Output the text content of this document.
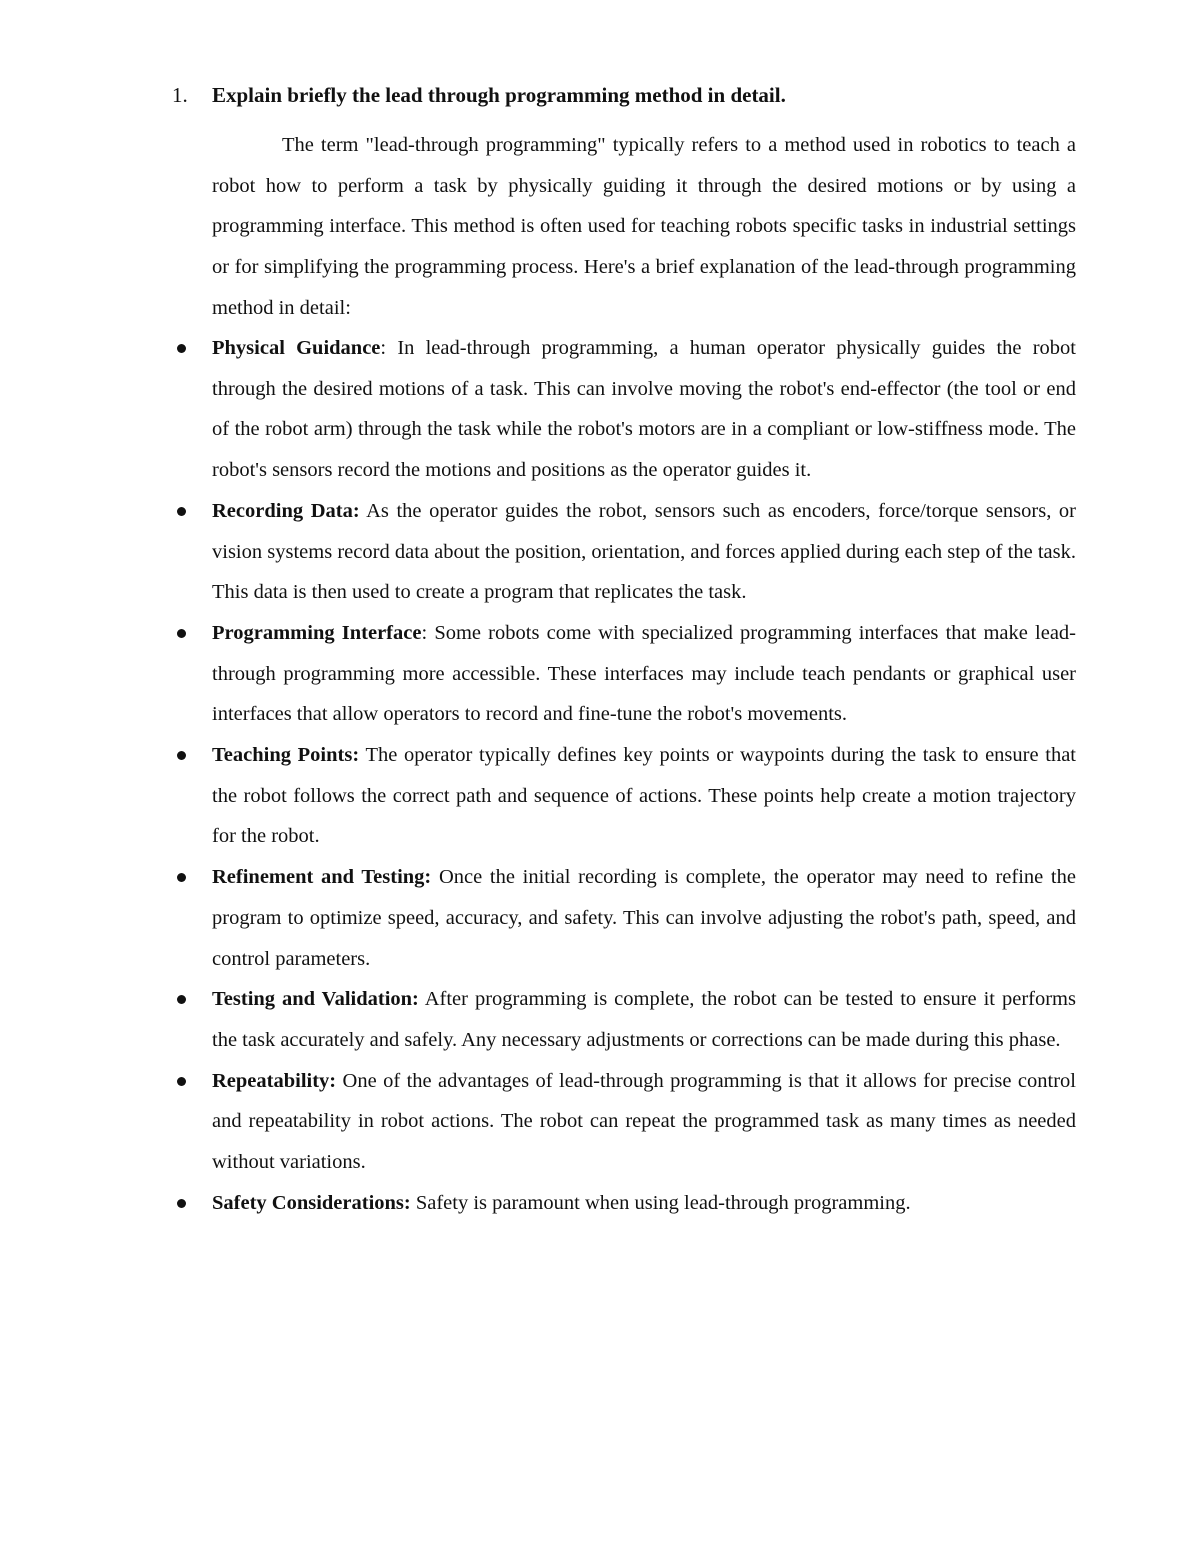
1. Explain briefly the lead through programming method in detail.

The term "lead-through programming" typically refers to a method used in robotics to teach a robot how to perform a task by physically guiding it through the desired motions or by using a programming interface. This method is often used for teaching robots specific tasks in industrial settings or for simplifying the programming process. Here's a brief explanation of the lead-through programming method in detail:

Physical Guidance: In lead-through programming, a human operator physically guides the robot through the desired motions of a task. This can involve moving the robot's end-effector (the tool or end of the robot arm) through the task while the robot's motors are in a compliant or low-stiffness mode. The robot's sensors record the motions and positions as the operator guides it.
Recording Data: As the operator guides the robot, sensors such as encoders, force/torque sensors, or vision systems record data about the position, orientation, and forces applied during each step of the task. This data is then used to create a program that replicates the task.
Programming Interface: Some robots come with specialized programming interfaces that make lead-through programming more accessible. These interfaces may include teach pendants or graphical user interfaces that allow operators to record and fine-tune the robot's movements.
Teaching Points: The operator typically defines key points or waypoints during the task to ensure that the robot follows the correct path and sequence of actions. These points help create a motion trajectory for the robot.
Refinement and Testing: Once the initial recording is complete, the operator may need to refine the program to optimize speed, accuracy, and safety. This can involve adjusting the robot's path, speed, and control parameters.
Testing and Validation: After programming is complete, the robot can be tested to ensure it performs the task accurately and safely. Any necessary adjustments or corrections can be made during this phase.
Repeatability: One of the advantages of lead-through programming is that it allows for precise control and repeatability in robot actions. The robot can repeat the programmed task as many times as needed without variations.
Safety Considerations: Safety is paramount when using lead-through programming.
